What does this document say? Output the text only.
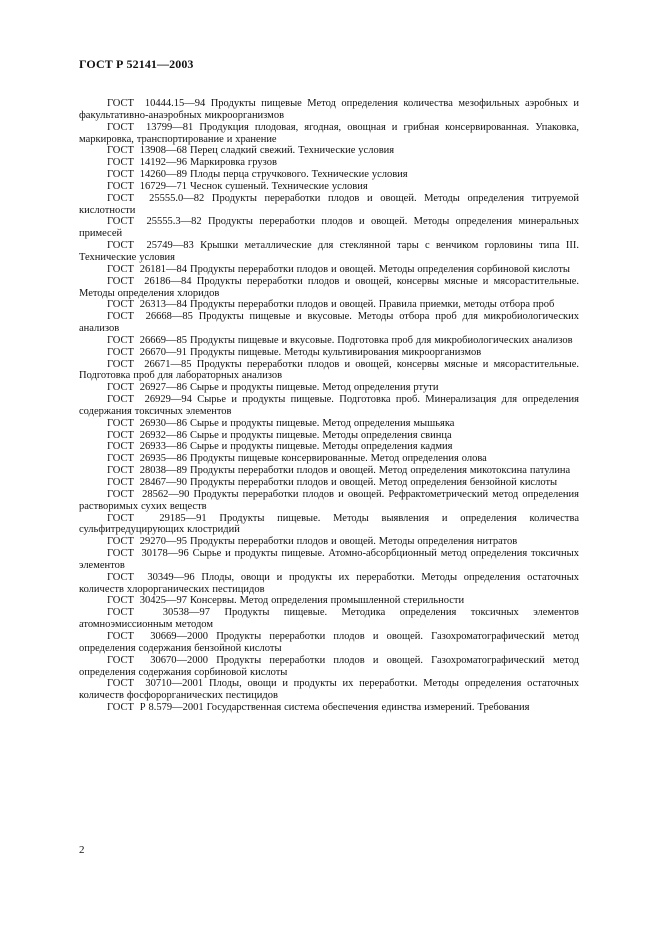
ГОСТ Р 52141—2003

ГОСТ  10444.15—94 Продукты пищевые Метод определения количества мезофильных аэробных и факультативно-анаэробных микроорганизмов

ГОСТ  13799—81 Продукция плодовая, ягодная, овощная и грибная консервированная. Упаковка, маркировка, транспортирование и хранение

ГОСТ  13908—68 Перец сладкий свежий. Технические условия

ГОСТ  14192—96 Маркировка грузов

ГОСТ  14260—89 Плоды перца стручкового. Технические условия

ГОСТ  16729—71 Чеснок сушеный. Технические условия

ГОСТ  25555.0—82 Продукты переработки плодов и овощей. Методы определения титруемой кислотности

ГОСТ  25555.3—82 Продукты переработки плодов и овощей. Методы определения минеральных примесей

ГОСТ  25749—83 Крышки металлические для стеклянной тары с венчиком горловины типа III. Технические условия

ГОСТ  26181—84 Продукты переработки плодов и овощей. Методы определения сорбиновой кислоты

ГОСТ  26186—84 Продукты переработки плодов и овощей, консервы мясные и мясорастительные. Методы определения хлоридов

ГОСТ  26313—84 Продукты переработки плодов и овощей. Правила приемки, методы отбора проб

ГОСТ  26668—85 Продукты пищевые и вкусовые. Методы отбора проб для микробиологических анализов

ГОСТ  26669—85 Продукты пищевые и вкусовые. Подготовка проб для микробиологических анализов

ГОСТ  26670—91 Продукты пищевые. Методы культивирования микроорганизмов

ГОСТ  26671—85 Продукты переработки плодов и овощей, консервы мясные и мясорастительные. Подготовка проб для лабораторных анализов

ГОСТ  26927—86 Сырье и продукты пищевые. Метод определения ртути

ГОСТ  26929—94 Сырье и продукты пищевые. Подготовка проб. Минерализация для определения содержания токсичных элементов

ГОСТ  26930—86 Сырье и продукты пищевые. Метод определения мышьяка

ГОСТ  26932—86 Сырье и продукты пищевые. Методы определения свинца

ГОСТ  26933—86 Сырье и продукты пищевые. Методы определения кадмия

ГОСТ  26935—86 Продукты пищевые консервированные. Метод определения олова

ГОСТ  28038—89 Продукты переработки плодов и овощей. Метод определения микотоксина патулина

ГОСТ  28467—90 Продукты переработки плодов и овощей. Метод определения бензойной кислоты

ГОСТ  28562—90 Продукты переработки плодов и овощей. Рефрактометрический метод определения растворимых сухих веществ

ГОСТ  29185—91 Продукты пищевые. Методы выявления и определения количества сульфитредуцирующих клостридий

ГОСТ  29270—95 Продукты переработки плодов и овощей. Методы определения нитратов

ГОСТ  30178—96 Сырье и продукты пищевые. Атомно-абсорбционный метод определения токсичных элементов

ГОСТ  30349—96 Плоды, овощи и продукты их переработки. Методы определения остаточных количеств хлорорганических пестицидов

ГОСТ  30425—97 Консервы. Метод определения промышленной стерильности

ГОСТ  30538—97 Продукты пищевые. Методика определения токсичных элементов атомноэмиссионным методом

ГОСТ  30669—2000 Продукты переработки плодов и овощей. Газохроматографический метод определения содержания бензойной кислоты

ГОСТ  30670—2000 Продукты переработки плодов и овощей. Газохроматографический метод определения содержания сорбиновой кислоты

ГОСТ  30710—2001 Плоды, овощи и продукты их переработки. Методы определения остаточных количеств фосфорорганических пестицидов

ГОСТ  Р 8.579—2001 Государственная система обеспечения единства измерений. Требования

2
